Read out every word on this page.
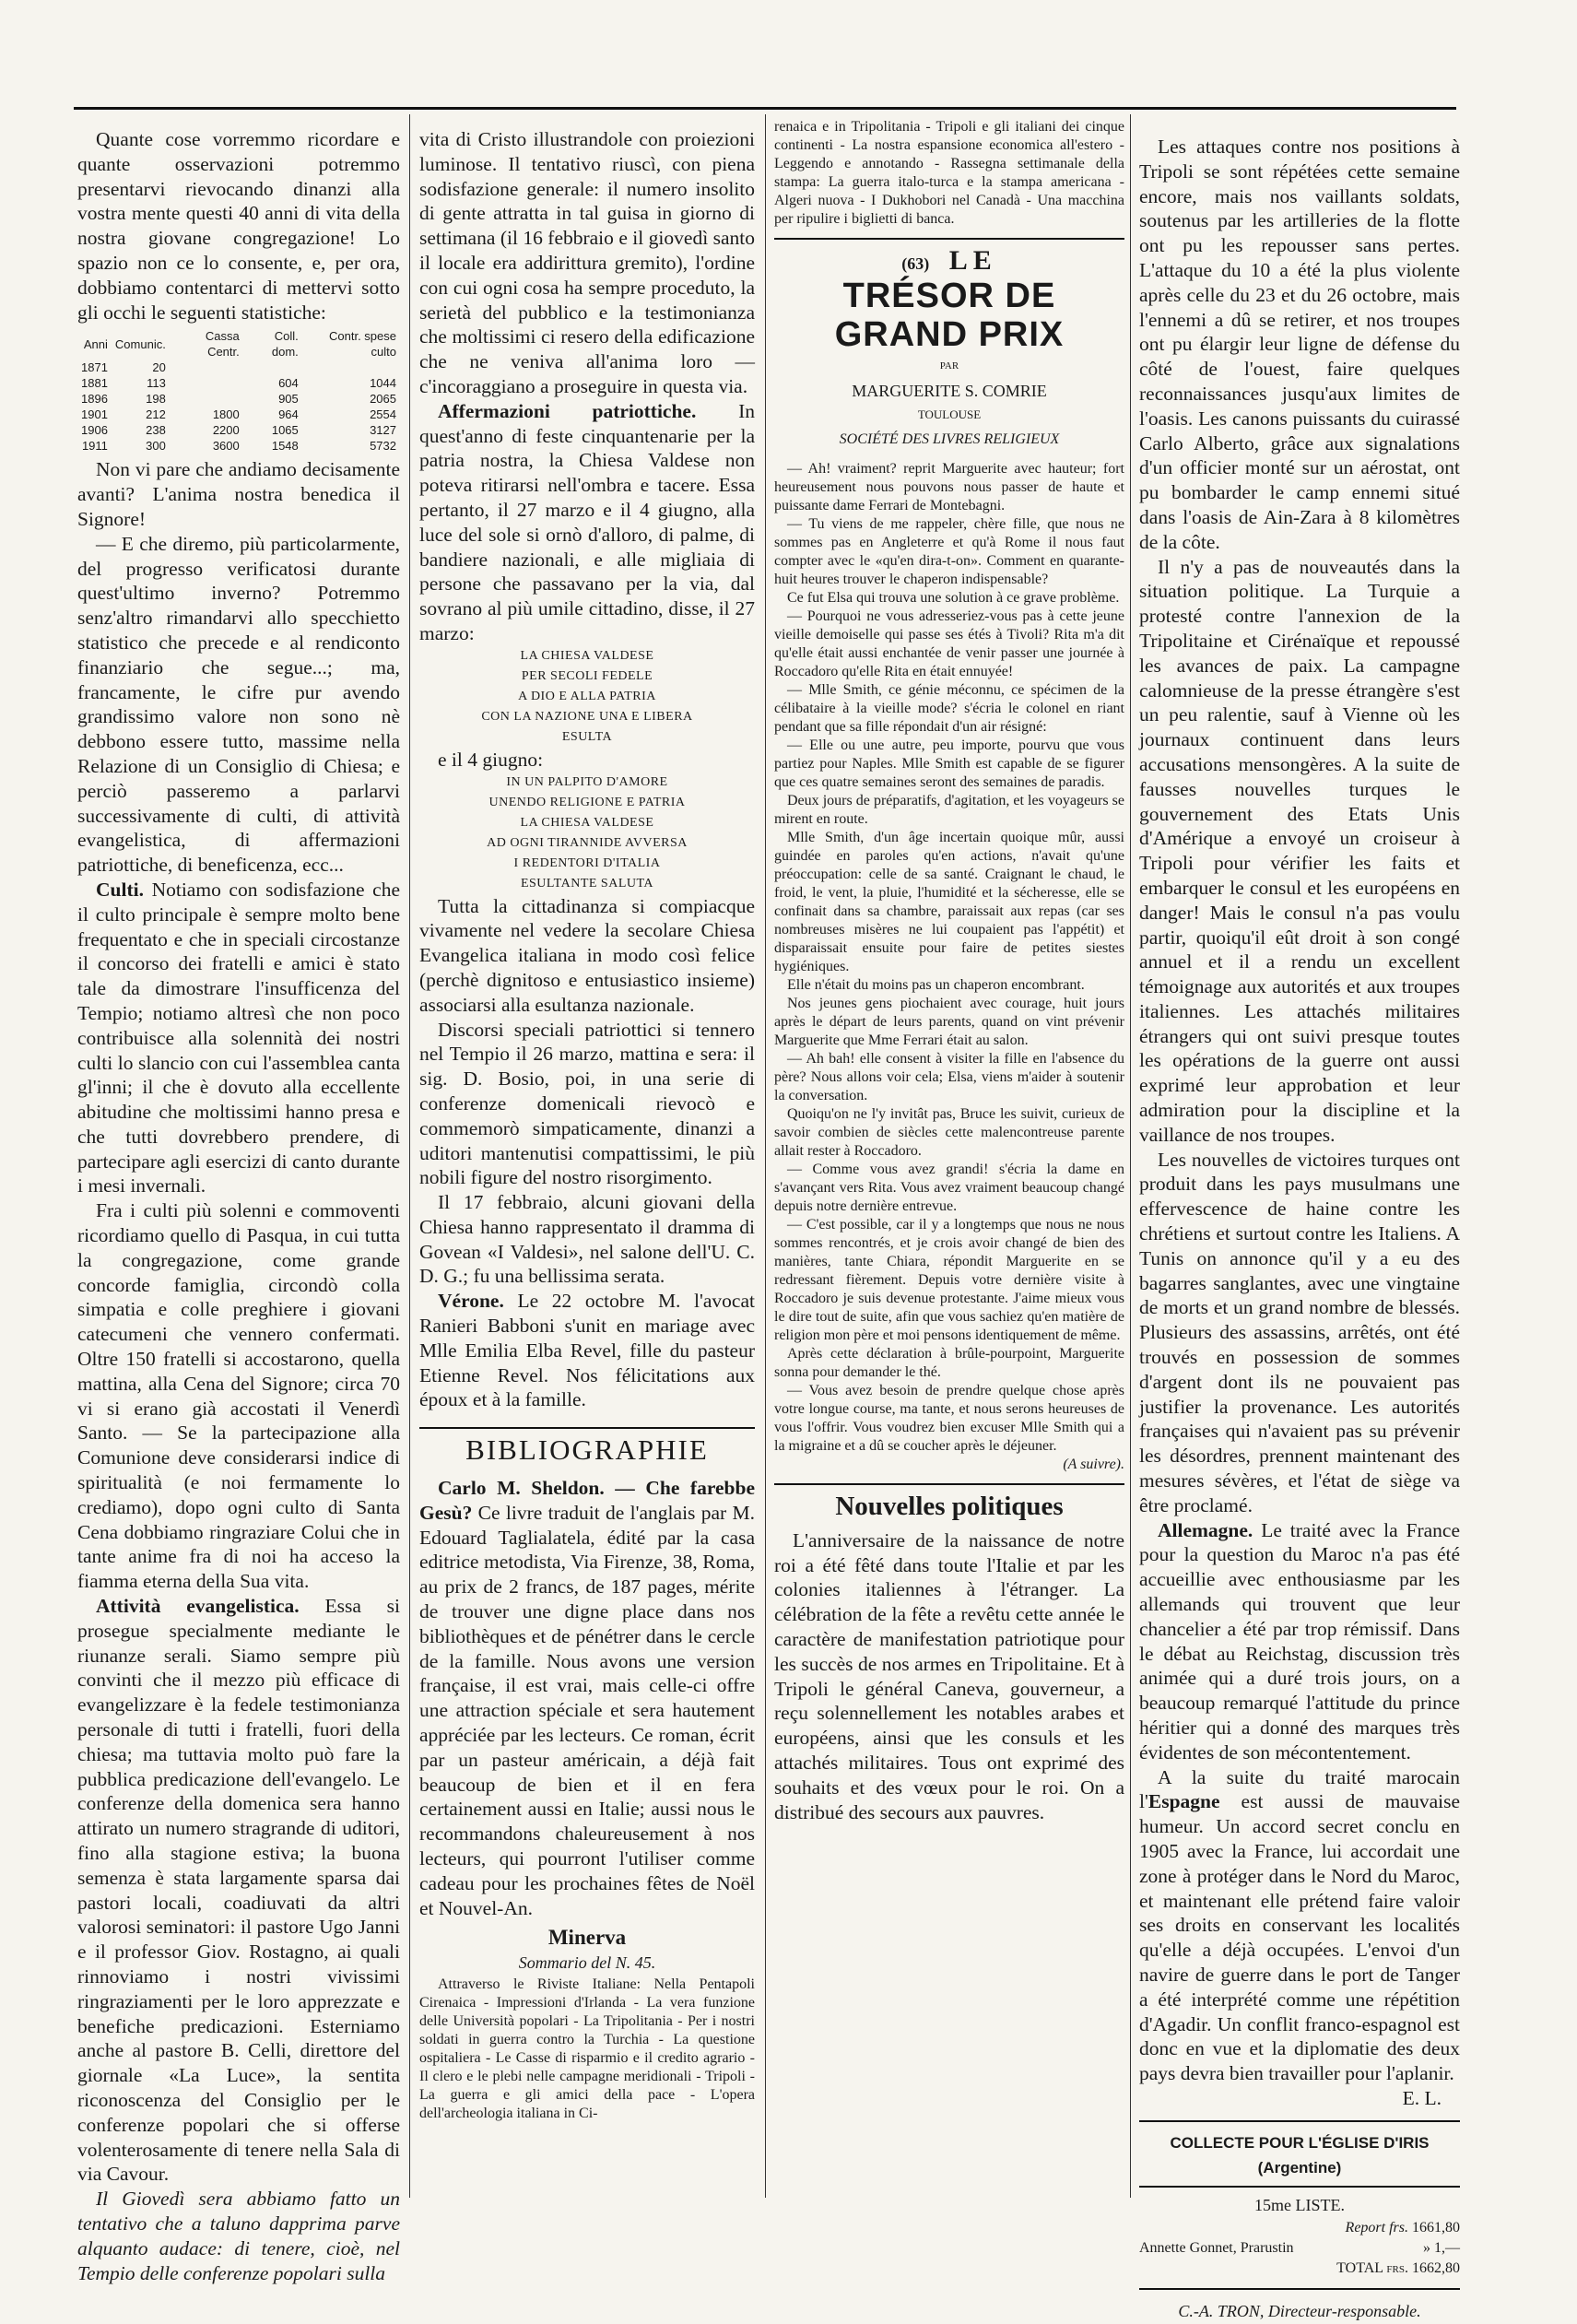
Quante cose vorremmo ricordare e quante osservazioni potremmo presentarvi rievocando dinanzi alla vostra mente questi 40 anni di vita della nostra giovane congregazione! Lo spazio non ce lo consente, e, per ora, dobbiamo contentarci di mettervi sotto gli occhi le seguenti statistiche:

Anni	Comunic.	Cassa Centr.	Coll. dom.	Contr. spese culto
1871	20			
1881	113		604	1044
1896	198		905	2065
1901	212	1800	964	2554
1906	238	2200	1065	3127
1911	300	3600	1548	5732

Non vi pare che andiamo decisamente avanti? L'anima nostra benedica il Signore!

— E che diremo, più particolarmente, del progresso verificatosi durante quest'ultimo inverno? Potremmo senz'altro rimandarvi allo specchietto statistico che precede e al rendiconto finanziario che segue...; ma, francamente, le cifre pur avendo grandissimo valore non sono nè debbono essere tutto, massime nella Relazione di un Consiglio di Chiesa; e perciò passeremo a parlarvi successivamente di culti, di attività evangelistica, di affermazioni patriottiche, di beneficenza, ecc...

Culti. Notiamo con sodisfazione che il culto principale è sempre molto bene frequentato e che in speciali circostanze il concorso dei fratelli e amici è stato tale da dimostrare l'insufficenza del Tempio; notiamo altresì che non poco contribuisce alla solennità dei nostri culti lo slancio con cui l'assemblea canta gl'inni; il che è dovuto alla eccellente abitudine che moltissimi hanno presa e che tutti dovrebbero prendere, di partecipare agli esercizi di canto durante i mesi invernali.

Fra i culti più solenni e commoventi ricordiamo quello di Pasqua, in cui tutta la congregazione, come grande concorde famiglia, circondò colla simpatia e colle preghiere i giovani catecumeni che vennero confermati. Oltre 150 fratelli si accostarono, quella mattina, alla Cena del Signore; circa 70 vi si erano già accostati il Venerdì Santo. — Se la partecipazione alla Comunione deve considerarsi indice di spiritualità (e noi fermamente lo crediamo), dopo ogni culto di Santa Cena dobbiamo ringraziare Colui che in tante anime fra di noi ha acceso la fiamma eterna della Sua vita.

Attività evangelistica. Essa si prosegue specialmente mediante le riunanze serali. Siamo sempre più convinti che il mezzo più efficace di evangelizzare è la fedele testimonianza personale di tutti i fratelli, fuori della chiesa; ma tuttavia molto può fare la pubblica predicazione dell'evangelo. Le conferenze della domenica sera hanno attirato un numero stragrande di uditori, fino alla stagione estiva; la buona semenza è stata largamente sparsa dai pastori locali, coadiuvati da altri valorosi seminatori: il pastore Ugo Janni e il professor Giov. Rostagno, ai quali rinnoviamo i nostri vivissimi ringraziamenti per le loro apprezzate e benefiche predicazioni. Esterniamo anche al pastore B. Celli, direttore del giornale «La Luce», la sentita riconoscenza del Consiglio per le conferenze popolari che si offerse volenterosamente di tenere nella Sala di via Cavour.

Il Giovedì sera abbiamo fatto un tentativo che a taluno dapprima parve alquanto audace: di tenere, cioè, nel Tempio delle conferenze popolari sulla

vita di Cristo illustrandole con proiezioni luminose. Il tentativo riuscì, con piena sodisfazione generale: il numero insolito di gente attratta in tal guisa in giorno di settimana (il 16 febbraio e il giovedì santo il locale era addirittura gremito), l'ordine con cui ogni cosa ha sempre proceduto, la serietà del pubblico e la testimonianza che moltissimi ci resero della edificazione che ne veniva all'anima loro — c'incoraggiano a proseguire in questa via.

Affermazioni patriottiche. In quest'anno di feste cinquantenarie per la patria nostra, la Chiesa Valdese non poteva ritirarsi nell'ombra e tacere. Essa pertanto, il 27 marzo e il 4 giugno, alla luce del sole si ornò d'alloro, di palme, di bandiere nazionali, e alle migliaia di persone che passavano per la via, dal sovrano al più umile cittadino, disse, il 27 marzo:

LA CHIESA VALDESE
PER SECOLI FEDELE
A DIO E ALLA PATRIA
CON LA NAZIONE UNA E LIBERA
ESULTA

e il 4 giugno:

IN UN PALPITO D'AMORE
UNENDO RELIGIONE E PATRIA
LA CHIESA VALDESE
AD OGNI TIRANNIDE AVVERSA
I REDENTORI D'ITALIA
ESULTANTE SALUTA

Tutta la cittadinanza si compiacque vivamente nel vedere la secolare Chiesa Evangelica italiana in modo così felice (perchè dignitoso e entusiastico insieme) associarsi alla esultanza nazionale.

Discorsi speciali patriottici si tennero nel Tempio il 26 marzo, mattina e sera: il sig. D. Bosio, poi, in una serie di conferenze domenicali rievocò e commemorò simpaticamente, dinanzi a uditori mantenutisi compattissimi, le più nobili figure del nostro risorgimento.

Il 17 febbraio, alcuni giovani della Chiesa hanno rappresentato il dramma di Govean «I Valdesi», nel salone dell'U. C. D. G.; fu una bellissima serata.

Vérone. Le 22 octobre M. l'avocat Ranieri Babboni s'unit en mariage avec Mlle Emilia Elba Revel, fille du pasteur Etienne Revel. Nos félicitations aux époux et à la famille.

BIBLIOGRAPHIE

Carlo M. Sheldon. — Che farebbe Gesù? Ce livre traduit de l'anglais par M. Edouard Taglialatela, édité par la casa editrice metodista, Via Firenze, 38, Roma, au prix de 2 francs, de 187 pages, mérite de trouver une digne place dans nos bibliothèques et de pénétrer dans le cercle de la famille. Nous avons une version française, il est vrai, mais celle-ci offre une attraction spéciale et sera hautement appréciée par les lecteurs. Ce roman, écrit par un pasteur américain, a déjà fait beaucoup de bien et il en fera certainement aussi en Italie; aussi nous le recommandons chaleureusement à nos lecteurs, qui pourront l'utiliser comme cadeau pour les prochaines fêtes de Noël et Nouvel-An.

Minerva
Sommario del N. 45.

Attraverso le Riviste Italiane: Nella Pentapoli Cirenaica - Impressioni d'Irlanda - La vera funzione delle Università popolari - La Tripolitania - Per i nostri soldati in guerra contro la Turchia - La questione ospitaliera - Le Casse di risparmio e il credito agrario - Il clero e le plebi nelle campagne meridionali - Tripoli - La guerra e gli amici della pace - L'opera dell'archeologia italiana in Ci-

renaica e in Tripolitania - Tripoli e gli italiani dei cinque continenti - La nostra espansione economica all'estero - Leggendo e annotando - Rassegna settimanale della stampa: La guerra italo-turca e la stampa americana - Algeri nuova - I Dukhobori nel Canadà - Una macchina per ripulire i biglietti di banca.

(63) LE
TRÉSOR DE GRAND PRIX
PAR
MARGUERITE S. COMRIE
TOULOUSE
SOCIÉTÉ DES LIVRES RELIGIEUX

— Ah! vraiment? reprit Marguerite avec hauteur; fort heureusement nous pouvons nous passer de haute et puissante dame Ferrari de Montebagni.

— Tu viens de me rappeler, chère fille, que nous ne sommes pas en Angleterre et qu'à Rome il nous faut compter avec le «qu'en dira-t-on». Comment en quarante-huit heures trouver le chaperon indispensable?

Ce fut Elsa qui trouva une solution à ce grave problème.

— Pourquoi ne vous adresseriez-vous pas à cette jeune vieille demoiselle qui passe ses étés à Tivoli? Rita m'a dit qu'elle était aussi enchantée de venir passer une journée à Roccadoro qu'elle Rita en était ennuyée!

— Mlle Smith, ce génie méconnu, ce spécimen de la célibataire à la vieille mode? s'écria le colonel en riant pendant que sa fille répondait d'un air résigné:

— Elle ou une autre, peu importe, pourvu que vous partiez pour Naples. Mlle Smith est capable de se figurer que ces quatre semaines seront des semaines de paradis.

Deux jours de préparatifs, d'agitation, et les voyageurs se mirent en route.

Mlle Smith, d'un âge incertain quoique mûr, aussi guindée en paroles qu'en actions, n'avait qu'une préoccupation: celle de sa santé. Craignant le chaud, le froid, le vent, la pluie, l'humidité et la sécheresse, elle se confinait dans sa chambre, paraissait aux repas (car ses nombreuses misères ne lui coupaient pas l'appétit) et disparaissait ensuite pour faire de petites siestes hygiéniques.

Elle n'était du moins pas un chaperon encombrant.

Nos jeunes gens piochaient avec courage, huit jours après le départ de leurs parents, quand on vint prévenir Marguerite que Mme Ferrari était au salon.

— Ah bah! elle consent à visiter la fille en l'absence du père? Nous allons voir cela; Elsa, viens m'aider à soutenir la conversation.

Quoiqu'on ne l'y invitât pas, Bruce les suivit, curieux de savoir combien de siècles cette malencontreuse parente allait rester à Roccadoro.

— Comme vous avez grandi! s'écria la dame en s'avançant vers Rita. Vous avez vraiment beaucoup changé depuis notre dernière entrevue.

— C'est possible, car il y a longtemps que nous ne nous sommes rencontrés, et je crois avoir changé de bien des manières, tante Chiara, répondit Marguerite en se redressant fièrement. Depuis votre dernière visite à Roccadoro je suis devenue protestante. J'aime mieux vous le dire tout de suite, afin que vous sachiez qu'en matière de religion mon père et moi pensons identiquement de même.

Après cette déclaration à brûle-pourpoint, Marguerite sonna pour demander le thé.

— Vous avez besoin de prendre quelque chose après votre longue course, ma tante, et nous serons heureuses de vous l'offrir. Vous voudrez bien excuser Mlle Smith qui a la migraine et a dû se coucher après le déjeuner.

(A suivre).
Nouvelles politiques

L'anniversaire de la naissance de notre roi a été fêté dans toute l'Italie et par les colonies italiennes à l'étranger. La célébration de la fête a revêtu cette année le caractère de manifestation patriotique pour les succès de nos armes en Tripolitaine. Et à Tripoli le général Caneva, gouverneur, a reçu solennellement les notables arabes et européens, ainsi que les consuls et les attachés militaires. Tous ont exprimé des souhaits et des vœux pour le roi. On a distribué des secours aux pauvres.

Les attaques contre nos positions à Tripoli se sont répétées cette semaine encore, mais nos vaillants soldats, soutenus par les artilleries de la flotte ont pu les repousser sans pertes. L'attaque du 10 a été la plus violente après celle du 23 et du 26 octobre, mais l'ennemi a dû se retirer, et nos troupes ont pu élargir leur ligne de défense du côté de l'ouest, faire quelques reconnaissances jusqu'aux limites de l'oasis. Les canons puissants du cuirassé Carlo Alberto, grâce aux signalations d'un officier monté sur un aérostat, ont pu bombarder le camp ennemi situé dans l'oasis de Ain-Zara à 8 kilomètres de la côte.

Il n'y a pas de nouveautés dans la situation politique. La Turquie a protesté contre l'annexion de la Tripolitaine et Cirénaïque et repoussé les avances de paix. La campagne calomnieuse de la presse étrangère s'est un peu ralentie, sauf à Vienne où les journaux continuent dans leurs accusations mensongères. A la suite de fausses nouvelles turques le gouvernement des Etats Unis d'Amérique a envoyé un croiseur à Tripoli pour vérifier les faits et embarquer le consul et les européens en danger! Mais le consul n'a pas voulu partir, quoiqu'il eût droit à son congé annuel et il a rendu un excellent témoignage aux autorités et aux troupes italiennes. Les attachés militaires étrangers qui ont suivi presque toutes les opérations de la guerre ont aussi exprimé leur approbation et leur admiration pour la discipline et la vaillance de nos troupes.

Les nouvelles de victoires turques ont produit dans les pays musulmans une effervescence de haine contre les chrétiens et surtout contre les Italiens. A Tunis on annonce qu'il y a eu des bagarres sanglantes, avec une vingtaine de morts et un grand nombre de blessés. Plusieurs des assassins, arrêtés, ont été trouvés en possession de sommes d'argent dont ils ne pouvaient pas justifier la provenance. Les autorités françaises qui n'avaient pas su prévenir les désordres, prennent maintenant des mesures sévères, et l'état de siège va être proclamé.

Allemagne. Le traité avec la France pour la question du Maroc n'a pas été accueillie avec enthousiasme par les allemands qui trouvent que leur chancelier a été par trop rémissif. Dans le débat au Reichstag, discussion très animée qui a duré trois jours, on a beaucoup remarqué l'attitude du prince héritier qui a donné des marques très évidentes de son mécontentement.

A la suite du traité marocain l'Espagne est aussi de mauvaise humeur. Un accord secret conclu en 1905 avec la France, lui accordait une zone à protéger dans le Nord du Maroc, et maintenant elle prétend faire valoir ses droits en conservant les localités qu'elle a déjà occupées. L'envoi d'un navire de guerre dans le port de Tanger a été interprété comme une répétition d'Agadir. Un conflit franco-espagnol est donc en vue et la diplomatie des deux pays devra bien travailler pour l'aplanir.

E. L.
COLLECTE POUR L'ÉGLISE D'IRIS (Argentine)
15me LISTE.
Report frs. 1661,80
Annette Gonnet, Prarustin	» 1,—
TOTAL frs. 1662,80
C.-A. TRON, Directeur-responsable.
